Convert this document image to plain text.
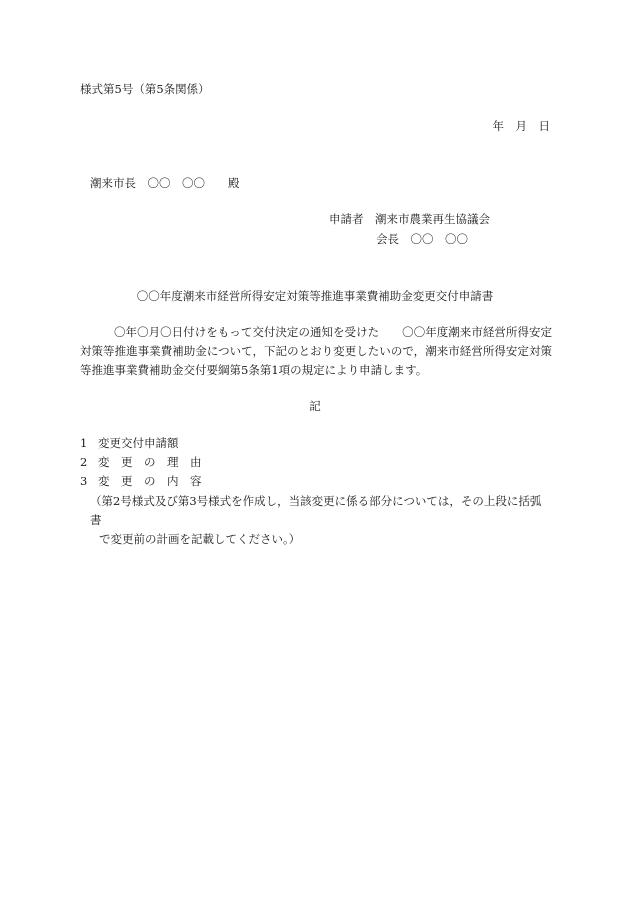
様式第5号（第5条関係）
年　月　日
潮来市長　〇〇　〇〇　　殿
申請者　潮来市農業再生協議会
会長　〇〇　〇〇
〇〇年度潮来市経営所得安定対策等推進事業費補助金変更交付申請書
〇年〇月〇日付けをもって交付決定の通知を受けた　　〇〇年度潮来市経営所得安定対策等推進事業費補助金について，下記のとおり変更したいので，潮来市経営所得安定対策等推進事業費補助金交付要綱第5条第1項の規定により申請します。
記
1 変更交付申請額
2 変　更　の　理　由
3 変　更　の　内　容
（第2号様式及び第3号様式を作成し，当該変更に係る部分については，その上段に括弧書
で変更前の計画を記載してください。）
